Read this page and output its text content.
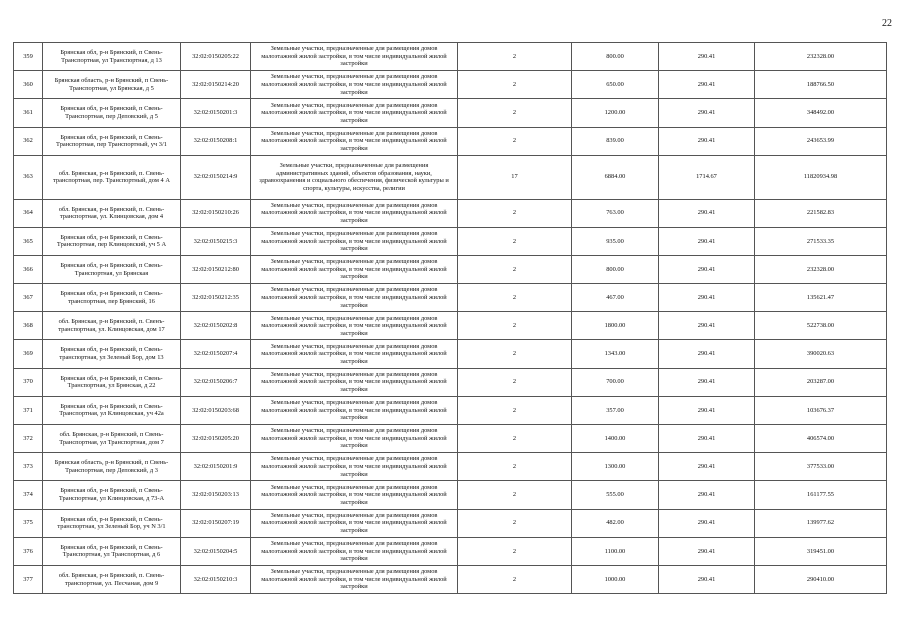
22
359	Брянская обл, р-н Брянский, п Свень-Транспортная, ул Транспортная, д 13	32:02:0150205:22	Земельные участки, предназначенные для размещения домов малоэтажной жилой застройки, в том числе индивидуальной жилой застройки	2	800.00	290.41	232328.00
360	Брянская область, р-н Брянский, п Свень-Транспортная, ул Брянская, д 5	32:02:0150214:20	Земельные участки, предназначенные для размещения домов малоэтажной жилой застройки, в том числе индивидуальной жилой застройки	2	650.00	290.41	188766.50
361	Брянская обл, р-н Брянский, п Свень-Транспортная, пер Деповский, д 5	32:02:0150201:3	Земельные участки, предназначенные для размещения домов малоэтажной жилой застройки, в том числе индивидуальной жилой застройки	2	1200.00	290.41	348492.00
362	Брянская обл, р-н Брянский, п Свень-Транспортная, пер Транспортный, уч 3/1	32:02:0150208:1	Земельные участки, предназначенные для размещения домов малоэтажной жилой застройки, в том числе индивидуальной жилой застройки	2	839.00	290.41	243653.99
363	обл. Брянская, р-н Брянский, п. Свень-транспортная, пер. Транспортный, дом 4 А	32:02:0150214:9	Земельные участки, предназначенные для размещения административных зданий, объектов образования, науки, здравоохранения и социального обеспечения, физической культуры и спорта, культуры, искусства, религии	17	6884.00	1714.67	11820934.98
364	обл. Брянская, р-н Брянский, п. Свень-транспортная, ул. Клинцовская, дом 4	32:02:0150210:26	Земельные участки, предназначенные для размещения домов малоэтажной жилой застройки, в том числе индивидуальной жилой застройки	2	763.00	290.41	221582.83
365	Брянская обл, р-н Брянский, п Свень-Транспортная, пер Клинцовский, уч 5 А	32:02:0150215:3	Земельные участки, предназначенные для размещения домов малоэтажной жилой застройки, в том числе индивидуальной жилой застройки	2	935.00	290.41	271533.35
366	Брянская обл, р-н Брянский, п Свень-Транспортная, ул Брянская	32:02:0150212:80	Земельные участки, предназначенные для размещения домов малоэтажной жилой застройки, в том числе индивидуальной жилой застройки	2	800.00	290.41	232328.00
367	Брянская обл, р-н Брянский, п Свень-транспортная, пер Брянский, 16	32:02:0150212:35	Земельные участки, предназначенные для размещения домов малоэтажной жилой застройки, в том числе индивидуальной жилой застройки	2	467.00	290.41	135621.47
368	обл. Брянская, р-н Брянский, п. Свенъ-транспортная, ул. Клинцовская, дом 17	32:02:0150202:8	Земельные участки, предназначенные для размещения домов малоэтажной жилой застройки, в том числе индивидуальной жилой застройки	2	1800.00	290.41	522738.00
369	Брянская обл, р-н Брянский, п Свень-транспортная, ул Зеленый Бор, дом 13	32:02:0150207:4	Земельные участки, предназначенные для размещения домов малоэтажной жилой застройки, в том числе индивидуальной жилой застройки	2	1343.00	290.41	390020.63
370	Брянская обл, р-н Брянский, п Свень-Транспортная, ул Брянская, д 22	32:02:0150206:7	Земельные участки, предназначенные для размещения домов малоэтажной жилой застройки, в том числе индивидуальной жилой застройки	2	700.00	290.41	203287.00
371	Брянская обл, р-н Брянский, п Свень-Транспортная, ул Клинцовская, уч 42а	32:02:0150203:68	Земельные участки, предназначенные для размещения домов малоэтажной жилой застройки, в том числе индивидуальной жилой застройки	2	357.00	290.41	103676.37
372	обл. Брянская, р-н Брянский, п Свень-Транспортная, ул Транспортная, дом 7	32:02:0150205:20	Земельные участки, предназначенные для размещения домов малоэтажной жилой застройки, в том числе индивидуальной жилой застройки	2	1400.00	290.41	406574.00
373	Брянская область, р-н Брянский, п Свень-Транспортная, пер Деповский, д 3	32:02:0150201:9	Земельные участки, предназначенные для размещения домов малоэтажной жилой застройки, в том числе индивидуальной жилой застройки	2	1300.00	290.41	377533.00
374	Брянская обл, р-н Брянский, п Свень-Транспортная, ул Клинцовская, д 73-А	32:02:0150203:13	Земельные участки, предназначенные для размещения домов малоэтажной жилой застройки, в том числе индивидуальной жилой застройки	2	555.00	290.41	161177.55
375	Брянская обл, р-н Брянский, п Свень-транспортная, ул Зеленый Бор, уч N 3/1	32:02:0150207:19	Земельные участки, предназначенные для размещения домов малоэтажной жилой застройки, в том числе индивидуальной жилой застройки	2	482.00	290.41	139977.62
376	Брянская обл, р-н Брянский, п Свень-Транспортная, ул Транспортная, д 6	32:02:0150204:5	Земельные участки, предназначенные для размещения домов малоэтажной жилой застройки, в том числе индивидуальной жилой застройки	2	1100.00	290.41	319451.00
377	обл. Брянская, р-н Брянский, п. Свень-транспортная, ул. Песчаная, дом 9	32:02:0150210:3	Земельные участки, предназначенные для размещения домов малоэтажной жилой застройки, в том числе индивидуальной жилой застройки	2	1000.00	290.41	290410.00
